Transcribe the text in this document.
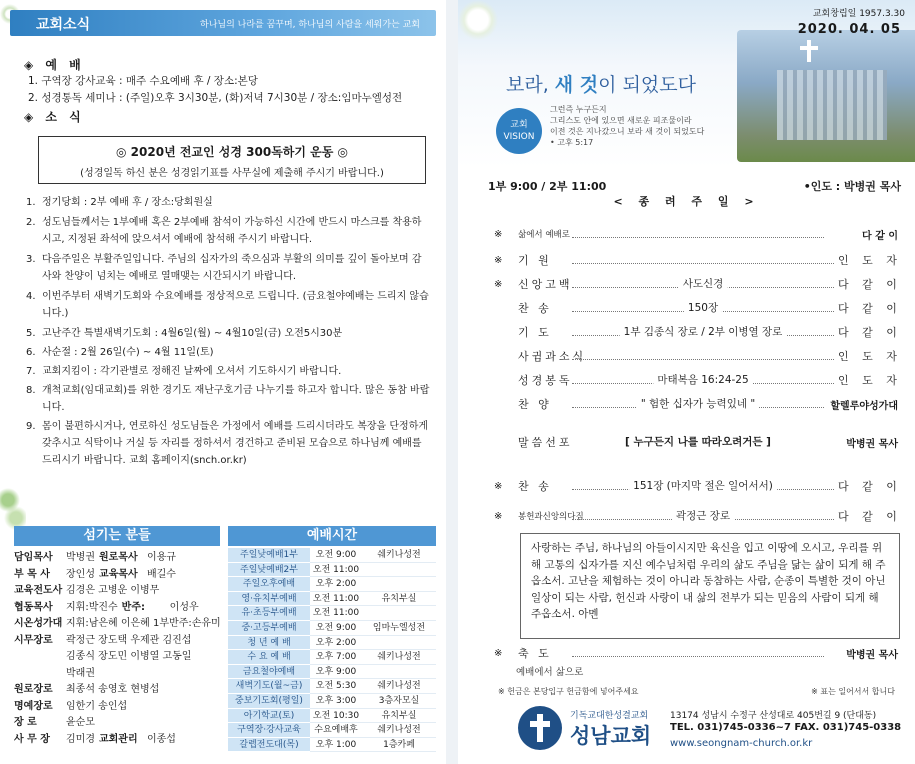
교회소식	하나님의 나라를 꿈꾸며, 하나님의 사람을 세워가는 교회
◈ 예 배
1. 구역장 강사교육 : 매주 수요예배 후 / 장소:본당
2. 성경통독 세미나 : (주일)오후 3시30분, (화)저녁 7시30분 / 장소:임마누엘성전
◈ 소 식
◎ 2020년 전교인 성경 300독하기 운동 ◎
(성경일독 하신 분은 성경읽기표를 사무실에 제출해 주시기 바랍니다.)
1. 정기당회 : 2부 예배 후 / 장소:당회원실
2. 성도님들께서는 1부예배 혹은 2부예배 참석이 가능하신 시간에 반드시 마스크를 착용하시고, 지정된 좌석에 앉으셔서 예배에 참석해 주시기 바랍니다.
3. 다음주일은 부활주일입니다. 주님의 십자가의 죽으심과 부활의 의미를 깊이 돌아보며 감사와 찬양이 넘치는 예배로 열매맺는 시간되시기 바랍니다.
4. 이번주부터 새벽기도회와 수요예배를 정상적으로 드립니다. (금요철야예배는 드리지 않습니다.)
5. 고난주간 특별새벽기도회 : 4월6일(월) ~ 4월10일(금) 오전5시30분
6. 사순절 : 2월 26일(수) ~ 4월 11일(토)
7. 교회지킴이 : 각기관별로 정해진 날짜에 오셔서 기도하시기 바랍니다.
8. 개척교회(임대교회)를 위한 경기도 재난구호기금 나누기를 하고자 합니다. 많은 동참 바랍니다.
9. 몸이 불편하시거나, 연로하신 성도님들은 가정에서 예배를 드리시더라도 복장을 단정하게 갖추시고 식탁이나 거실 등 자리를 정하셔서 경건하고 준비된 모습으로 하나님께 예배를 드리시기 바랍니다. 교회 홈페이지(snch.or.kr)
섬기는 분들
담임목사 박병권 원로목사 이용규
부 목 사 장인성 교육목사 배길수
교육전도사 김경은 고병운 이병무
협동목사 지휘:박진수 반주: 이성우
시온성가대 지휘:남은혜 이은혜 1부반주:손유미
시무장로 곽정근 장도택 우제관 김진섭
김종식 장도민 이병열 고동일
박래권
원로장로 최종석 송영호 현병섭
명예장로 임한기 송인섭
장 로	윤순모
사 무 장 김미경 교회관리 이종섭
예배시간
주일낮예배1부	오전 9:00	쉐키나성전
주일낮예배2부	오전 11:00
주일오후예배	오후 2:00
영·유치부예배	오전 11:00	유치부실
유·초등부예배	오전 11:00
중·고등부예배	오전 9:00	임마누엘성전
청 년 예 배	오후 2:00
수 요 예 배	오후 7:00	쉐키나성전
금요철야예배	오후 9:00
새벽기도(월~금)	오전 5:30	쉐키나성전
중보기도회(평일)	오후 3:00	3층자모실
아기학교(토)	오전 10:30	유치부실
구역장·강사교육	수요예배후	쉐키나성전
갈렙전도대(목)	오후 1:00	1층카페
교회창립일 1957.3.30
2020. 04. 05
보라, 새 것이 되었도다
교회
VISION
그런즉 누구든지
그리스도 안에 있으면 새로운 피조물이라
이전 것은 지나갔으니 보라 새 것이 되었도다
• 고후 5:17
1부 9:00 / 2부 11:00	•인도 : 박병권 목사
< 종 려 주 일 >
※	삶에서 예배로	다 같 이
※	기 원	인 도 자
※	신앙고백	사도신경	다 같 이
찬 송	150장	다 같 이
기 도	1부 김종식 장로 / 2부 이병열 장로	다 같 이
사귐과소식	인 도 자
성경봉독	마태복음 16:24-25	인 도 자
찬 양	" 험한 십자가 능력있네 "	할렐루야성가대
말씀선포	[ 누구든지 나를 따라오려거든 ]	박병권 목사
※	찬 송	151장 (마지막 절은 일어서서)	다 같 이
※	봉헌과신앙의다짐	곽정근 장로	다 같 이
※	축 도	박병권 목사
사랑하는 주님, 하나님의 아들이시지만 육신을 입고 이땅에 오시고, 우리를 위해 고통의 십자가를 지신 예수님처럼 우리의 삶도 주님을 닮는 삶이 되게 해 주옵소서. 고난을 체험하는 것이 아니라 동참하는 사람, 순종이 특별한 것이 아닌 일상이 되는 사람, 헌신과 사랑이 내 삶의 전부가 되는 믿음의 사람이 되게 해 주옵소서. 아멘
예배에서 삶으로
※ 헌금은 본당입구 헌금함에 넣어주세요	※ 표는 일어서서 합니다
기독교대한성결교회
성남교회
13174 성남시 수정구 산성대로 405번길 9 (단대동)
TEL. 031)745-0336~7 FAX. 031)745-0338
www.seongnam-church.or.kr
